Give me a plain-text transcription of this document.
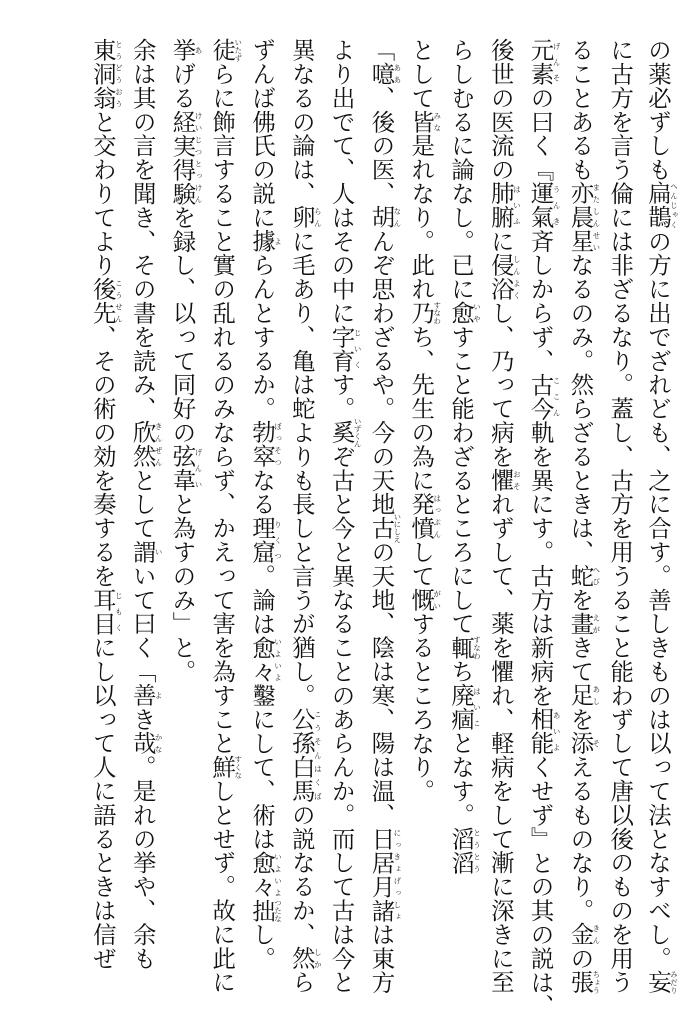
の薬必ずしも扁鵲へんじゃくの方に出でざれども、之に合す。善しきものは以って法となすべし。妄みだり

に古方を言う倫には非ざるなり。蓋し、古方を用うること能わずして唐以後のものを用う

ることあるも亦また晨星しんせいなるのみ。然らざるときは、蛇へびを畫えがきて足あしを添そえるものなり。金きんの張ちょう

元素げんその曰く『運氣うんき斉しからず、古今ここん軌を異にす。古方は新病を相能あいよくせず』との其の説は、

後世の医流の肺腑はいふに侵浴しんよくし、乃って病を懼おそれずして、薬を懼れ、軽病をして漸に深きに至

らしむるに論なし。已に愈いやすこと能わざるところにして輒すなわち廃痼はいことなす。滔滔とうとう

として皆みな是れなり。此れ乃すなわち、先生の為に発憤はっぷんして慨がいするところなり。

「噫ああ、後の医、胡なんんぞ思わざるや。今の天地古いにしえの天地、陰は寒、陽は温、日居月諸にっきょげっしょは東方

より出でて、人はその中に字育じいくす。奚いずくんぞ古と今と異なることのあらんか。而して古は今と

異なるの論は、卵らんに毛あり、亀は蛇よりも長しと言うが猶し。公孫白馬こうそんはくばの説なるか、然しから

ずんば佛氏の説に據よらんとするか。勃窣ぼっそつなる理窟りくつ。論は愈々いよいよ鑿にして、術は愈々いよいよ拙つたなし。

徒いたずらに飾言すること實の乱れるのみならず、かえって害を為すこと鮮すくなしとせず。故に此に

挙あげる経実得験けいじつとっけんを録し、以って同好の弦韋げんいと為すのみ」と。

余は其の言を聞き、その書を読み、欣然きんぜんとして謂いいて曰く「善よき哉かな。是れの挙や、余も

東洞翁とうどうおうと交わりてより後先こうせん、その術の効を奏するを耳目じもくにし以って人に語るときは信ぜ
